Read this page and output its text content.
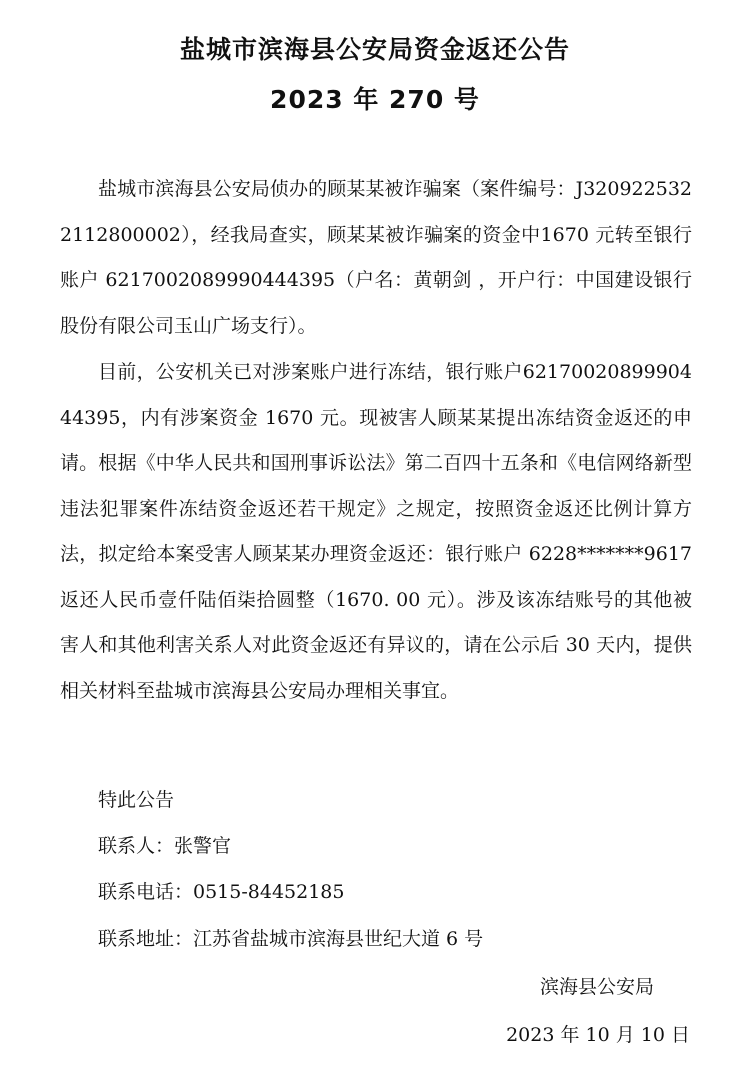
盐城市滨海县公安局资金返还公告
2023 年 270 号

盐城市滨海县公安局侦办的顾某某被诈骗案（案件编号：J3209225322112800002），经我局查实，顾某某被诈骗案的资金中1670 元转至银行账户 6217002089990444395（户名：黄朝剑 ，开户行：中国建设银行股份有限公司玉山广场支行）。

目前，公安机关已对涉案账户进行冻结，银行账户6217002089990444395，内有涉案资金 1670 元。现被害人顾某某提出冻结资金返还的申请。根据《中华人民共和国刑事诉讼法》第二百四十五条和《电信网络新型违法犯罪案件冻结资金返还若干规定》之规定，按照资金返还比例计算方法，拟定给本案受害人顾某某办理资金返还：银行账户 6228*******9617 返还人民币壹仟陆佰柒拾圆整（1670. 00 元）。涉及该冻结账号的其他被害人和其他利害关系人对此资金返还有异议的，请在公示后 30 天内，提供相关材料至盐城市滨海县公安局办理相关事宜。

特此公告

联系人：张警官

联系电话：0515-84452185

联系地址：江苏省盐城市滨海县世纪大道 6 号

滨海县公安局

2023 年 10 月 10 日
